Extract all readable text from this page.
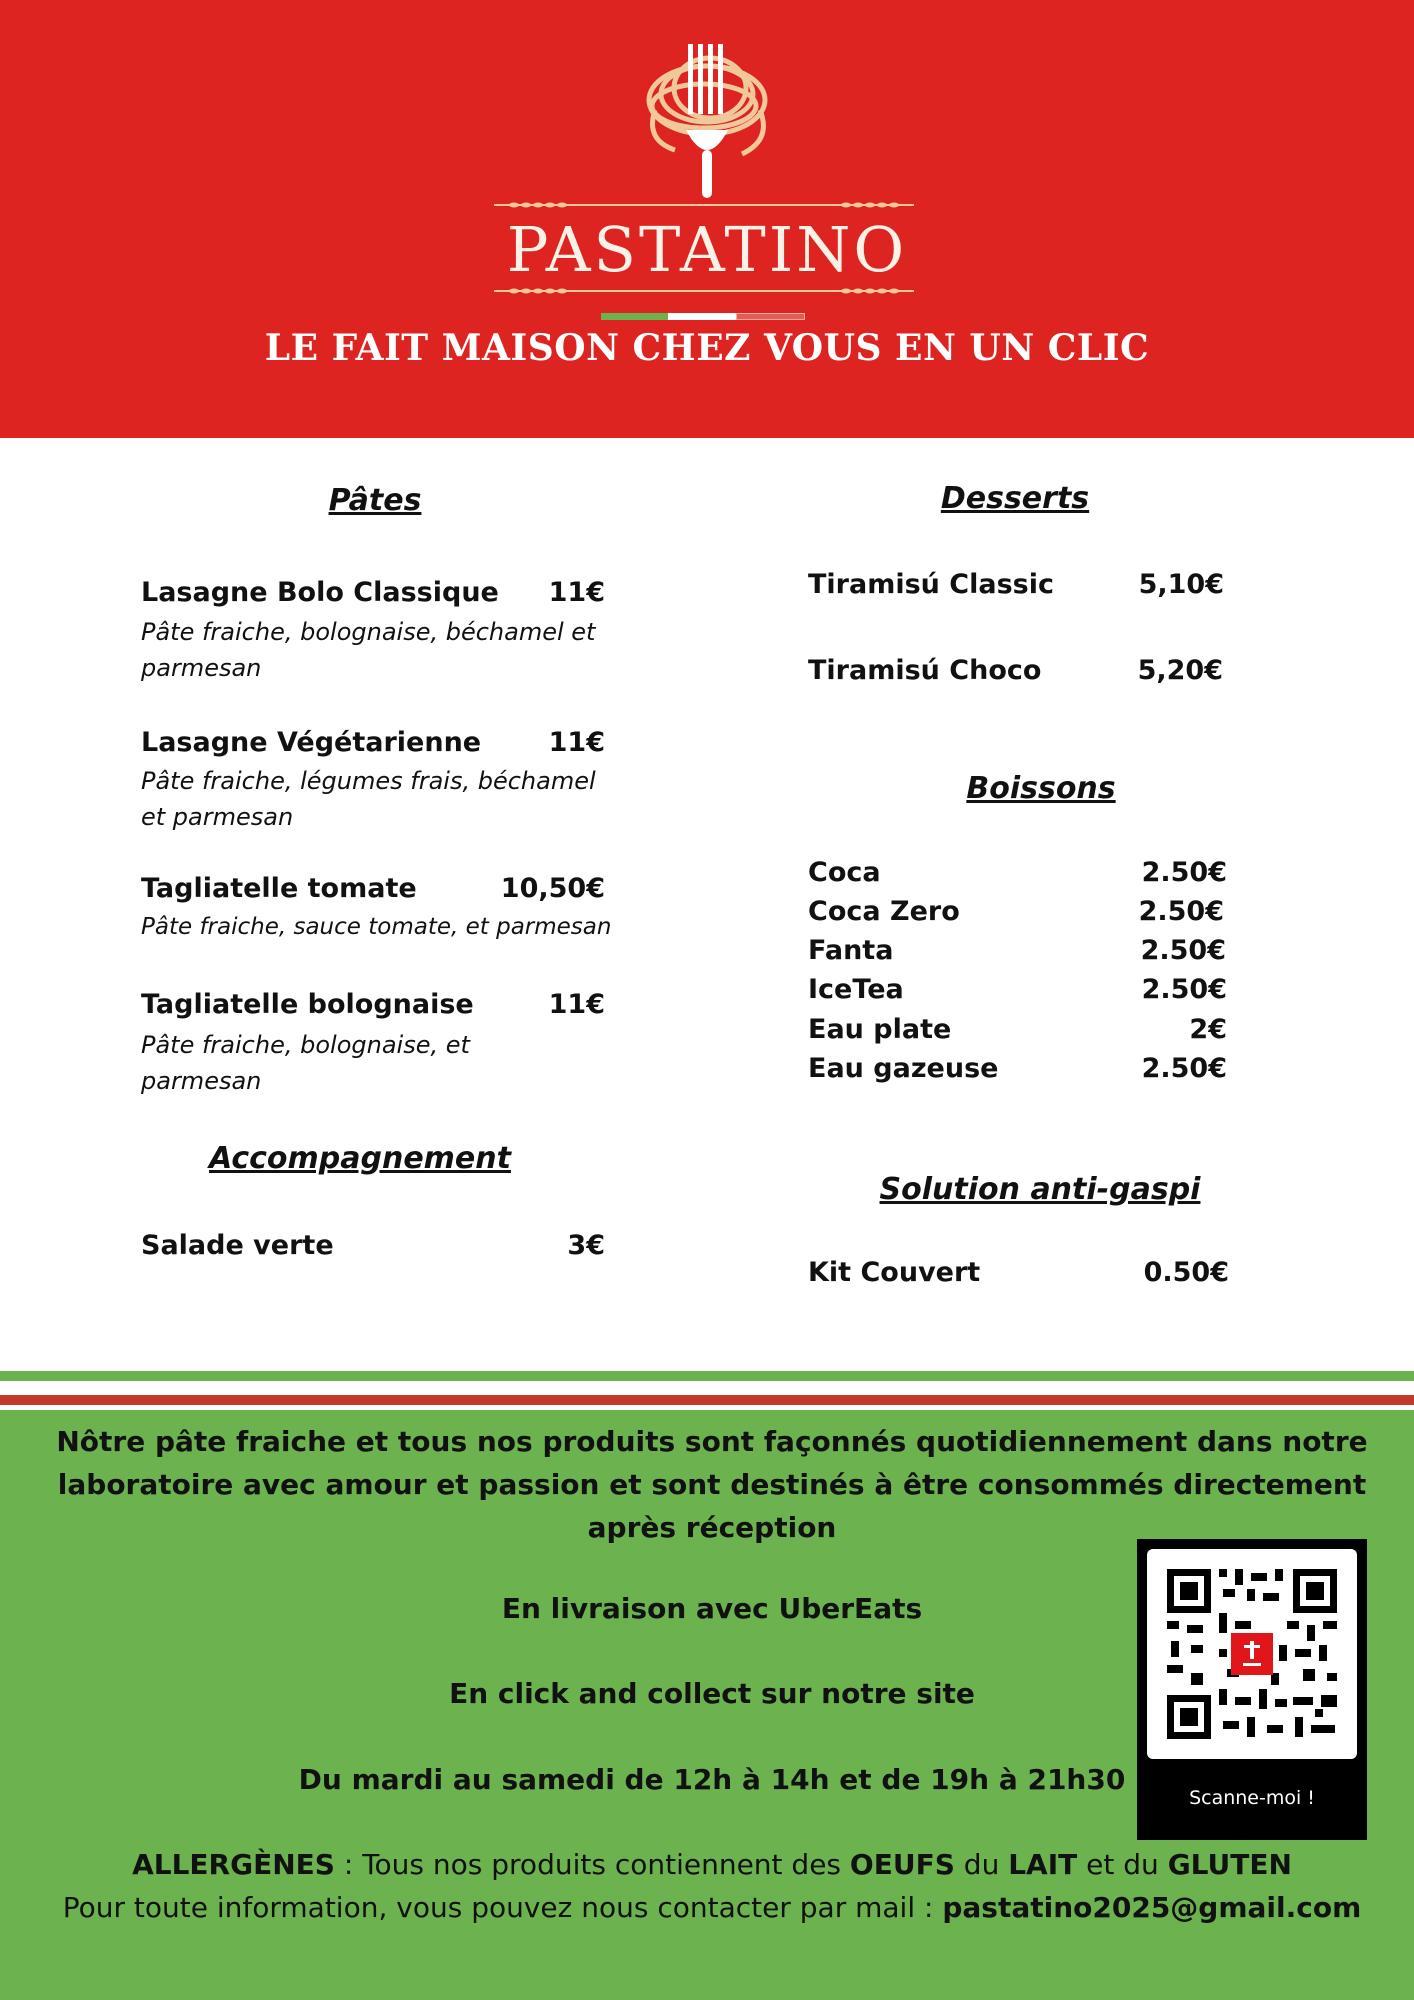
PASTATINO
LE FAIT MAISON CHEZ VOUS EN UN CLIC
Pâtes
Lasagne Bolo Classique	11€
Pâte fraiche, bolognaise, béchamel et parmesan
Lasagne Végétarienne	11€
Pâte fraiche, légumes frais, béchamel et parmesan
Tagliatelle tomate	10,50€
Pâte fraiche, sauce tomate, et parmesan
Tagliatelle bolognaise	11€
Pâte fraiche, bolognaise, et parmesan
Accompagnement
Salade verte	3€
Desserts
Tiramisú Classic	5,10€
Tiramisú Choco	5,20€
Boissons
Coca	2.50€
Coca Zero	2.50€
Fanta	2.50€
IceTea	2.50€
Eau plate	2€
Eau gazeuse	2.50€
Solution anti-gaspi
Kit Couvert	0.50€
Nôtre pâte fraiche et tous nos produits sont façonnés quotidiennement dans notre laboratoire avec amour et passion et sont destinés à être consommés directement après réception
En livraison avec UberEats
En click and collect sur notre site
Du mardi au samedi de 12h à 14h et de 19h à 21h30
ALLERGÈNES : Tous nos produits contiennent des OEUFS du LAIT et du GLUTEN
Pour toute information, vous pouvez nous contacter par mail : pastatino2025@gmail.com
Scanne-moi !
